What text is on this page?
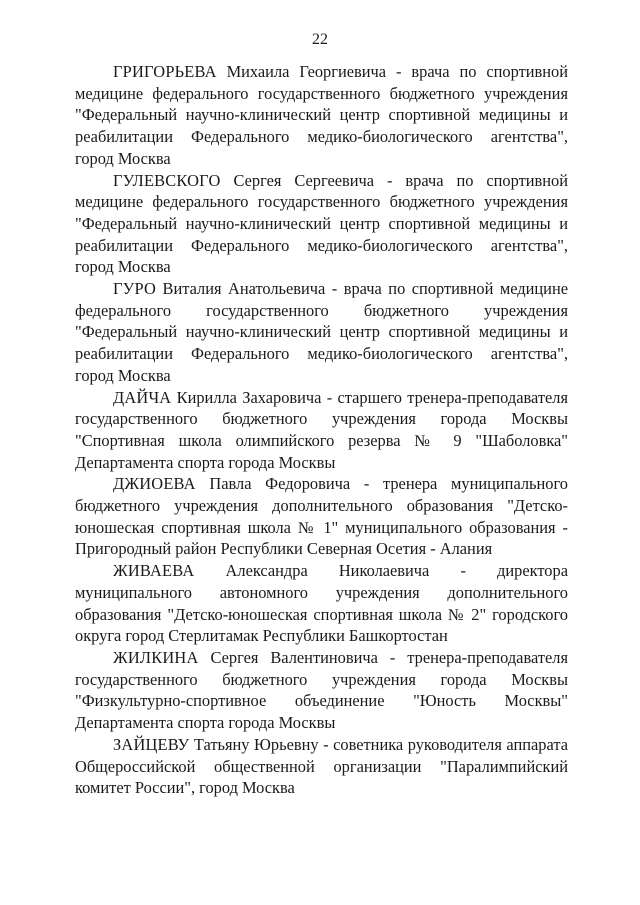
22

ГРИГОРЬЕВА Михаила Георгиевича - врача по спортивной медицине федерального государственного бюджетного учреждения "Федеральный научно-клинический центр спортивной медицины и реабилитации Федерального медико-биологического агентства", город Москва

ГУЛЕВСКОГО Сергея Сергеевича - врача по спортивной медицине федерального государственного бюджетного учреждения "Федеральный научно-клинический центр спортивной медицины и реабилитации Федерального медико-биологического агентства", город Москва

ГУРО Виталия Анатольевича - врача по спортивной медицине федерального государственного бюджетного учреждения "Федеральный научно-клинический центр спортивной медицины и реабилитации Федерального медико-биологического агентства", город Москва

ДАЙЧА Кирилла Захаровича - старшего тренера-преподавателя государственного бюджетного учреждения города Москвы "Спортивная школа олимпийского резерва № 9 "Шаболовка" Департамента спорта города Москвы

ДЖИОЕВА Павла Федоровича - тренера муниципального бюджетного учреждения дополнительного образования "Детско-юношеская спортивная школа № 1" муниципального образования - Пригородный район Республики Северная Осетия - Алания

ЖИВАЕВА Александра Николаевича - директора муниципального автономного учреждения дополнительного образования "Детско-юношеская спортивная школа № 2" городского округа город Стерлитамак Республики Башкортостан

ЖИЛКИНА Сергея Валентиновича - тренера-преподавателя государственного бюджетного учреждения города Москвы "Физкультурно-спортивное объединение "Юность Москвы" Департамента спорта города Москвы

ЗАЙЦЕВУ Татьяну Юрьевну - советника руководителя аппарата Общероссийской общественной организации "Паралимпийский комитет России", город Москва
